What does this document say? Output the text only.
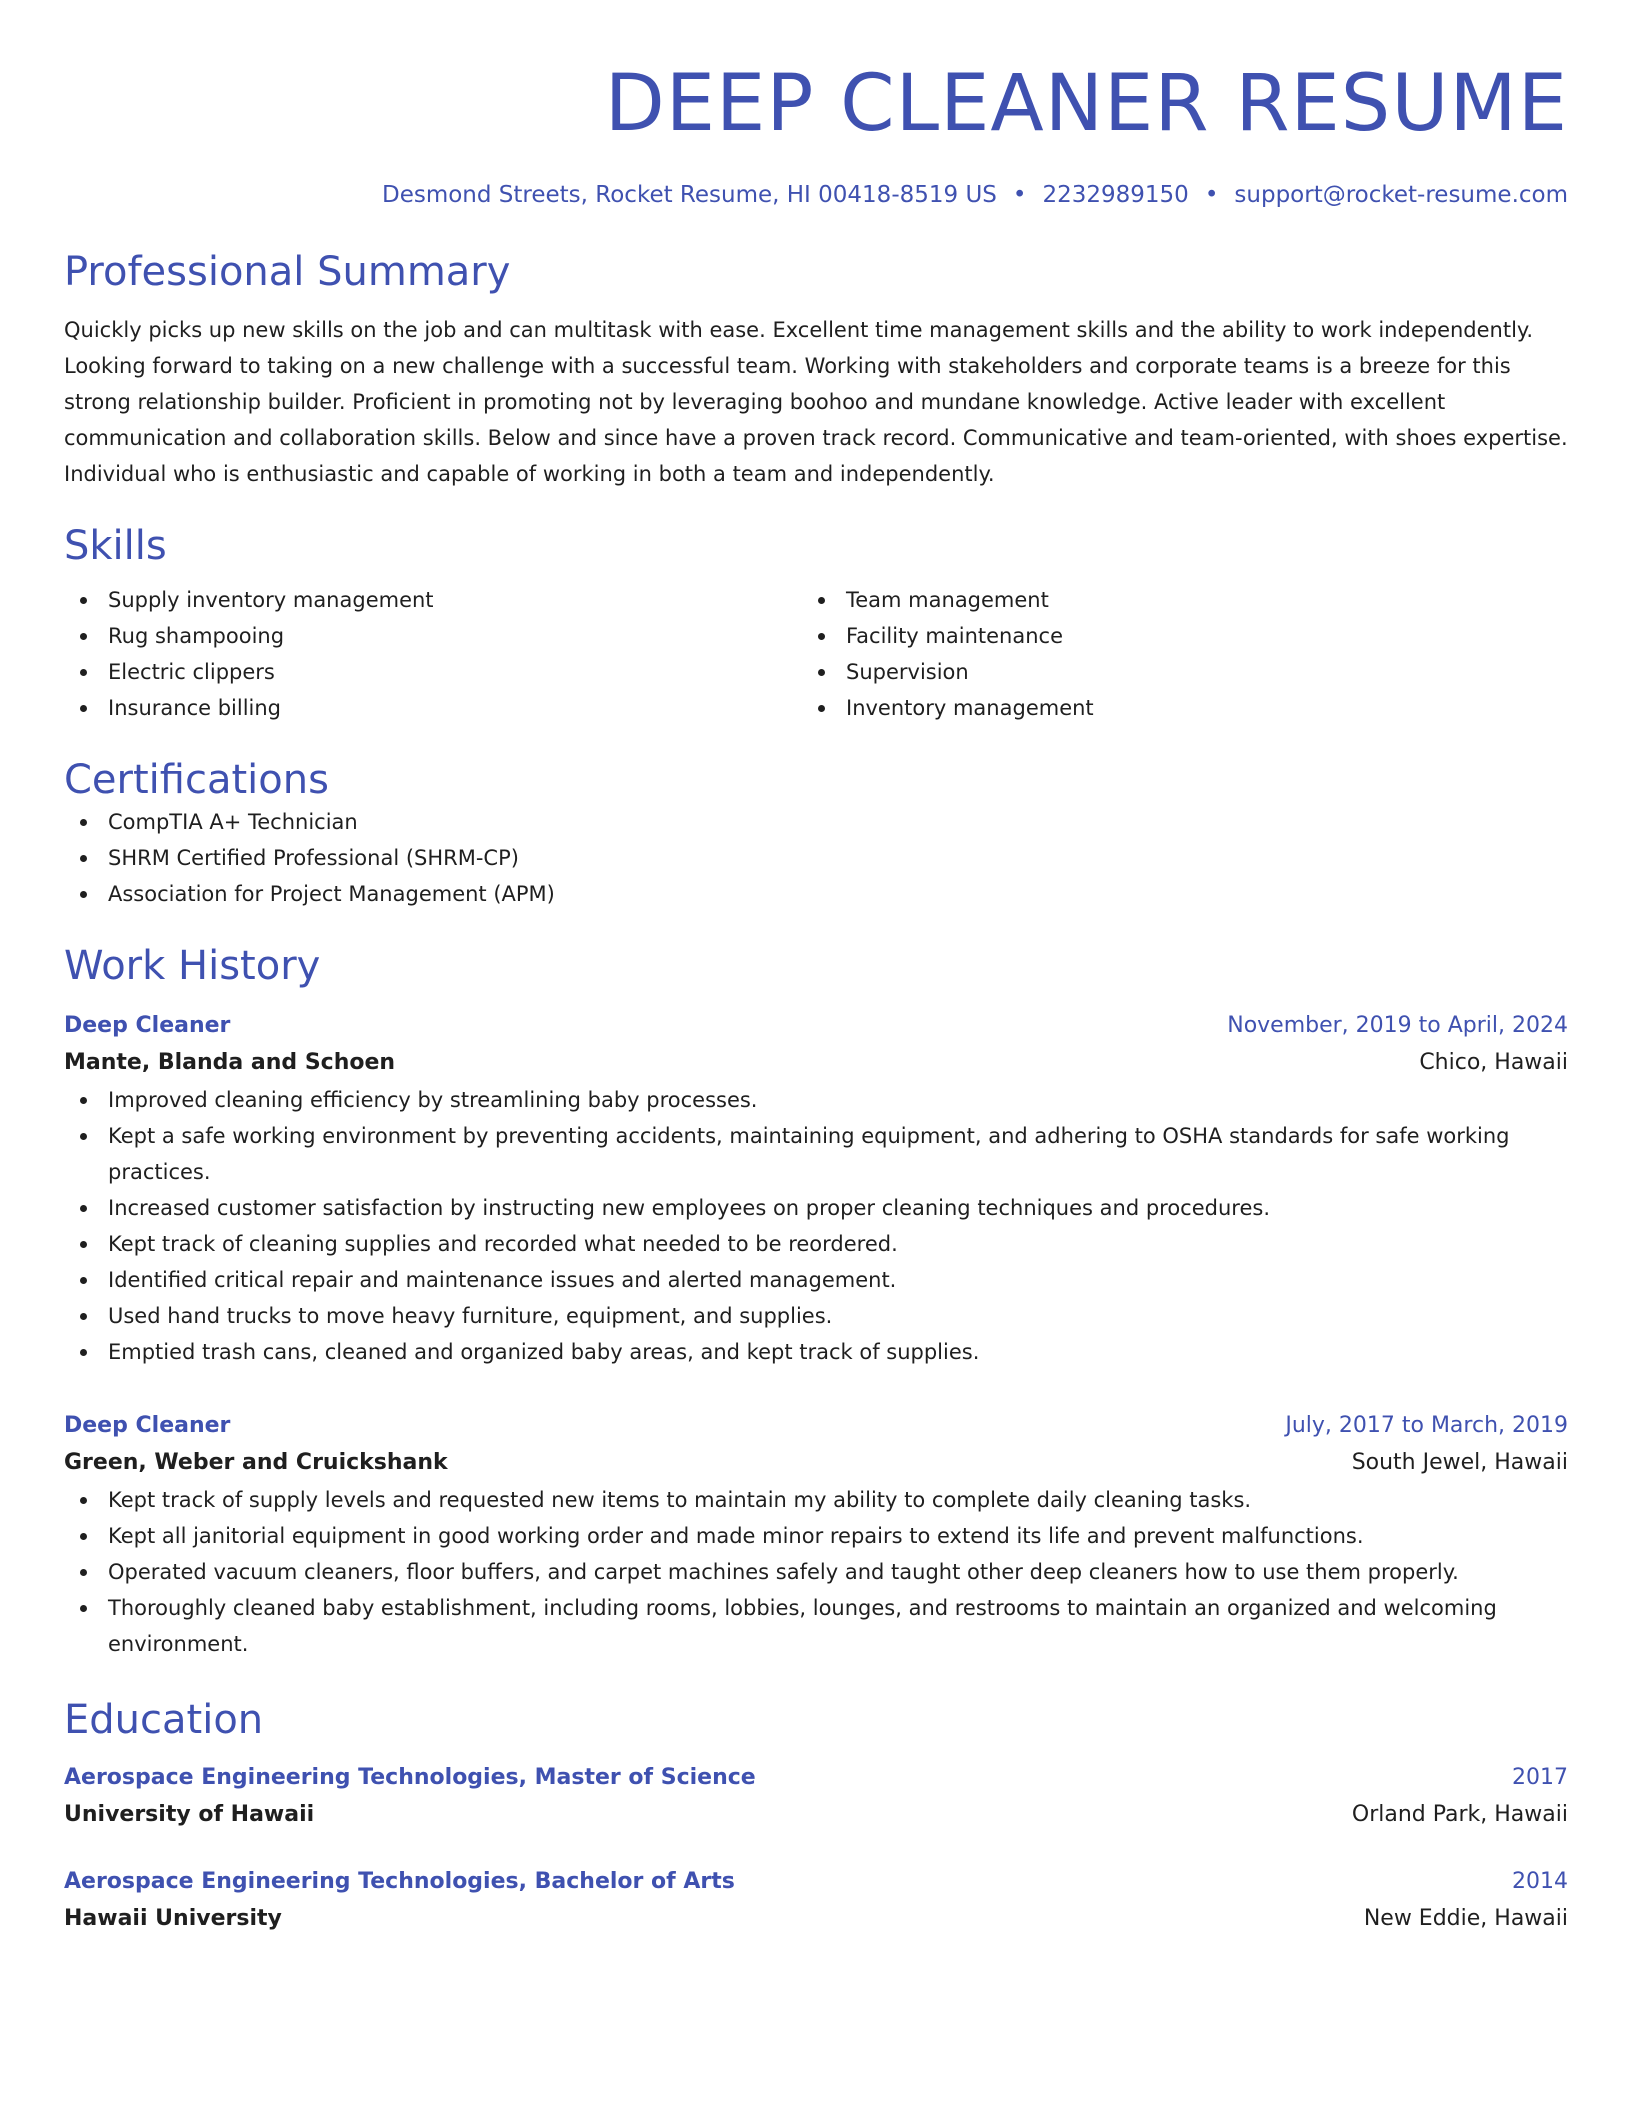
DEEP CLEANER RESUME
Desmond Streets, Rocket Resume, HI 00418-8519 US • 2232989150 • support@rocket-resume.com
Professional Summary
Quickly picks up new skills on the job and can multitask with ease. Excellent time management skills and the ability to work independently. Looking forward to taking on a new challenge with a successful team. Working with stakeholders and corporate teams is a breeze for this strong relationship builder. Proficient in promoting not by leveraging boohoo and mundane knowledge. Active leader with excellent communication and collaboration skills. Below and since have a proven track record. Communicative and team-oriented, with shoes expertise. Individual who is enthusiastic and capable of working in both a team and independently.
Skills
Supply inventory management
Rug shampooing
Electric clippers
Insurance billing
Team management
Facility maintenance
Supervision
Inventory management
Certifications
CompTIA A+ Technician
SHRM Certified Professional (SHRM-CP)
Association for Project Management (APM)
Work History
Deep Cleaner	November, 2019 to April, 2024
Mante, Blanda and Schoen	Chico, Hawaii
Improved cleaning efficiency by streamlining baby processes.
Kept a safe working environment by preventing accidents, maintaining equipment, and adhering to OSHA standards for safe working practices.
Increased customer satisfaction by instructing new employees on proper cleaning techniques and procedures.
Kept track of cleaning supplies and recorded what needed to be reordered.
Identified critical repair and maintenance issues and alerted management.
Used hand trucks to move heavy furniture, equipment, and supplies.
Emptied trash cans, cleaned and organized baby areas, and kept track of supplies.
Deep Cleaner	July, 2017 to March, 2019
Green, Weber and Cruickshank	South Jewel, Hawaii
Kept track of supply levels and requested new items to maintain my ability to complete daily cleaning tasks.
Kept all janitorial equipment in good working order and made minor repairs to extend its life and prevent malfunctions.
Operated vacuum cleaners, floor buffers, and carpet machines safely and taught other deep cleaners how to use them properly.
Thoroughly cleaned baby establishment, including rooms, lobbies, lounges, and restrooms to maintain an organized and welcoming environment.
Education
Aerospace Engineering Technologies, Master of Science	2017
University of Hawaii	Orland Park, Hawaii
Aerospace Engineering Technologies, Bachelor of Arts	2014
Hawaii University	New Eddie, Hawaii
